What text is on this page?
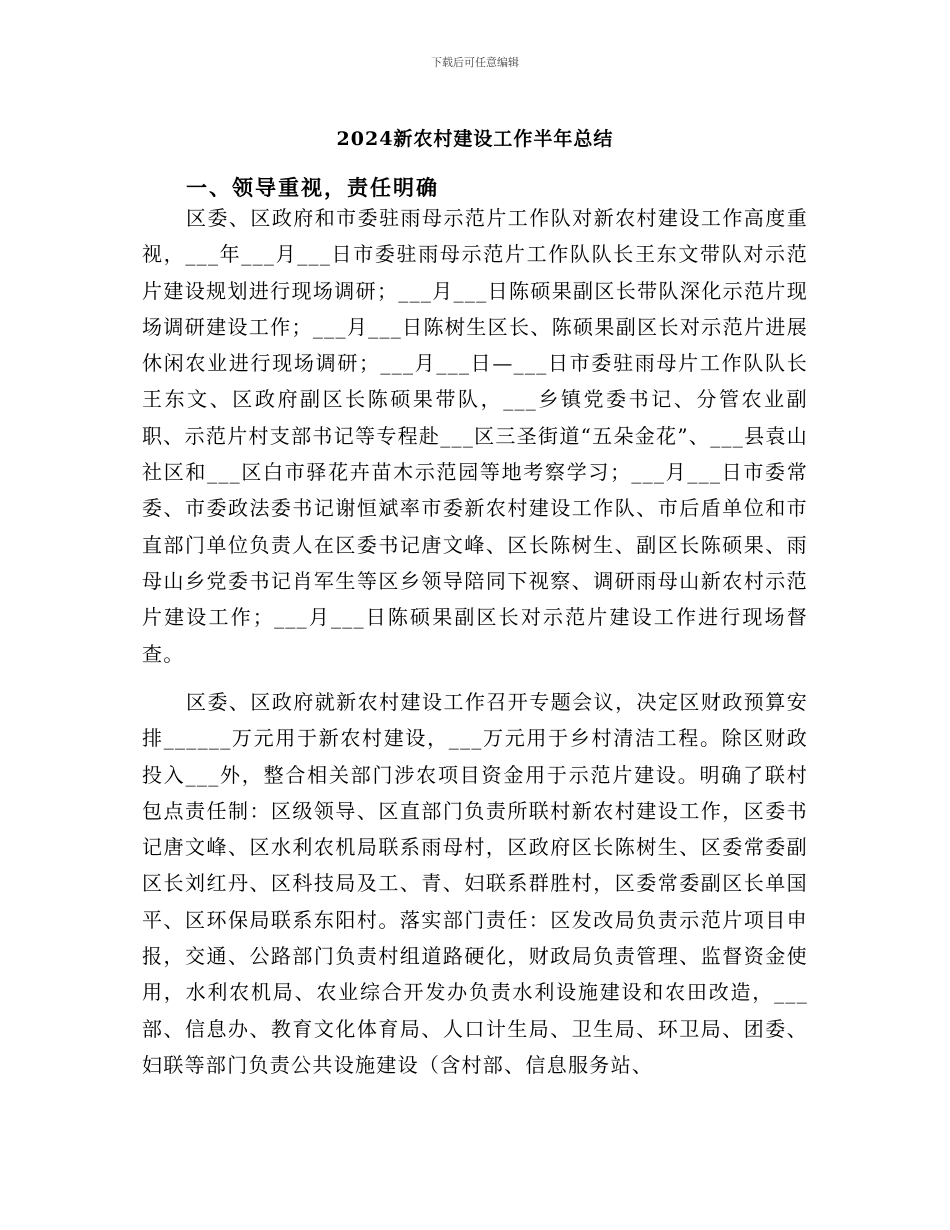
下载后可任意编辑
2024新农村建设工作半年总结
一、领导重视，责任明确

区委、区政府和市委驻雨母示范片工作队对新农村建设工作高度重视，___年___月___日市委驻雨母示范片工作队队长王东文带队对示范片建设规划进行现场调研；___月___日陈硕果副区长带队深化示范片现场调研建设工作；___月___日陈树生区长、陈硕果副区长对示范片进展休闲农业进行现场调研；___月___日—___日市委驻雨母片工作队队长王东文、区政府副区长陈硕果带队，___乡镇党委书记、分管农业副职、示范片村支部书记等专程赴___区三圣街道“五朵金花”、___县袁山社区和___区白市驿花卉苗木示范园等地考察学习；___月___日市委常委、市委政法委书记谢恒斌率市委新农村建设工作队、市后盾单位和市直部门单位负责人在区委书记唐文峰、区长陈树生、副区长陈硕果、雨母山乡党委书记肖军生等区乡领导陪同下视察、调研雨母山新农村示范片建设工作；___月___日陈硕果副区长对示范片建设工作进行现场督查。

区委、区政府就新农村建设工作召开专题会议，决定区财政预算安排______万元用于新农村建设，___万元用于乡村清洁工程。除区财政投入___外，整合相关部门涉农项目资金用于示范片建设。明确了联村包点责任制：区级领导、区直部门负责所联村新农村建设工作，区委书记唐文峰、区水利农机局联系雨母村，区政府区长陈树生、区委常委副区长刘红丹、区科技局及工、青、妇联系群胜村，区委常委副区长单国平、区环保局联系东阳村。落实部门责任：区发改局负责示范片项目申报，交通、公路部门负责村组道路硬化，财政局负责管理、监督资金使用，水利农机局、农业综合开发办负责水利设施建设和农田改造，___部、信息办、教育文化体育局、人口计生局、卫生局、环卫局、团委、妇联等部门负责公共设施建设（含村部、信息服务站、
